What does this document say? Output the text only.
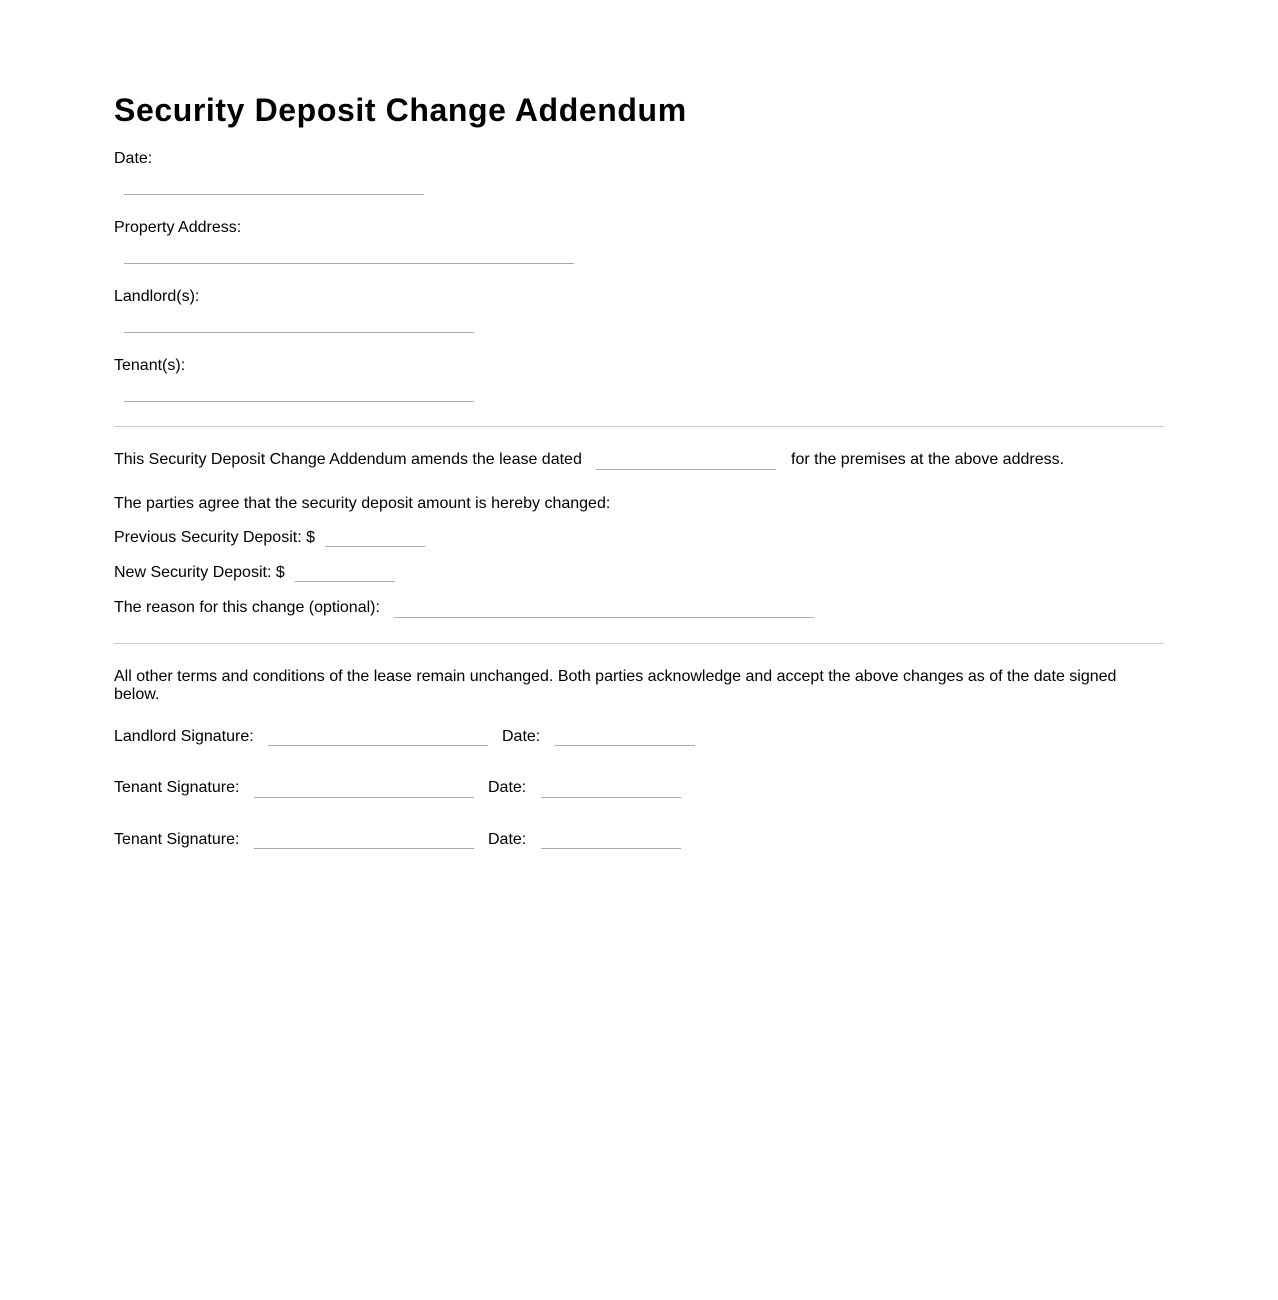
Security Deposit Change Addendum
Date:
Property Address:
Landlord(s):
Tenant(s):
This Security Deposit Change Addendum amends the lease dated	for the premises at the above address.
The parties agree that the security deposit amount is hereby changed:
Previous Security Deposit: $
New Security Deposit: $
The reason for this change (optional):
All other terms and conditions of the lease remain unchanged. Both parties acknowledge and accept the above changes as of the date signed below.
Landlord Signature:	Date:
Tenant Signature:	Date:
Tenant Signature:	Date:
